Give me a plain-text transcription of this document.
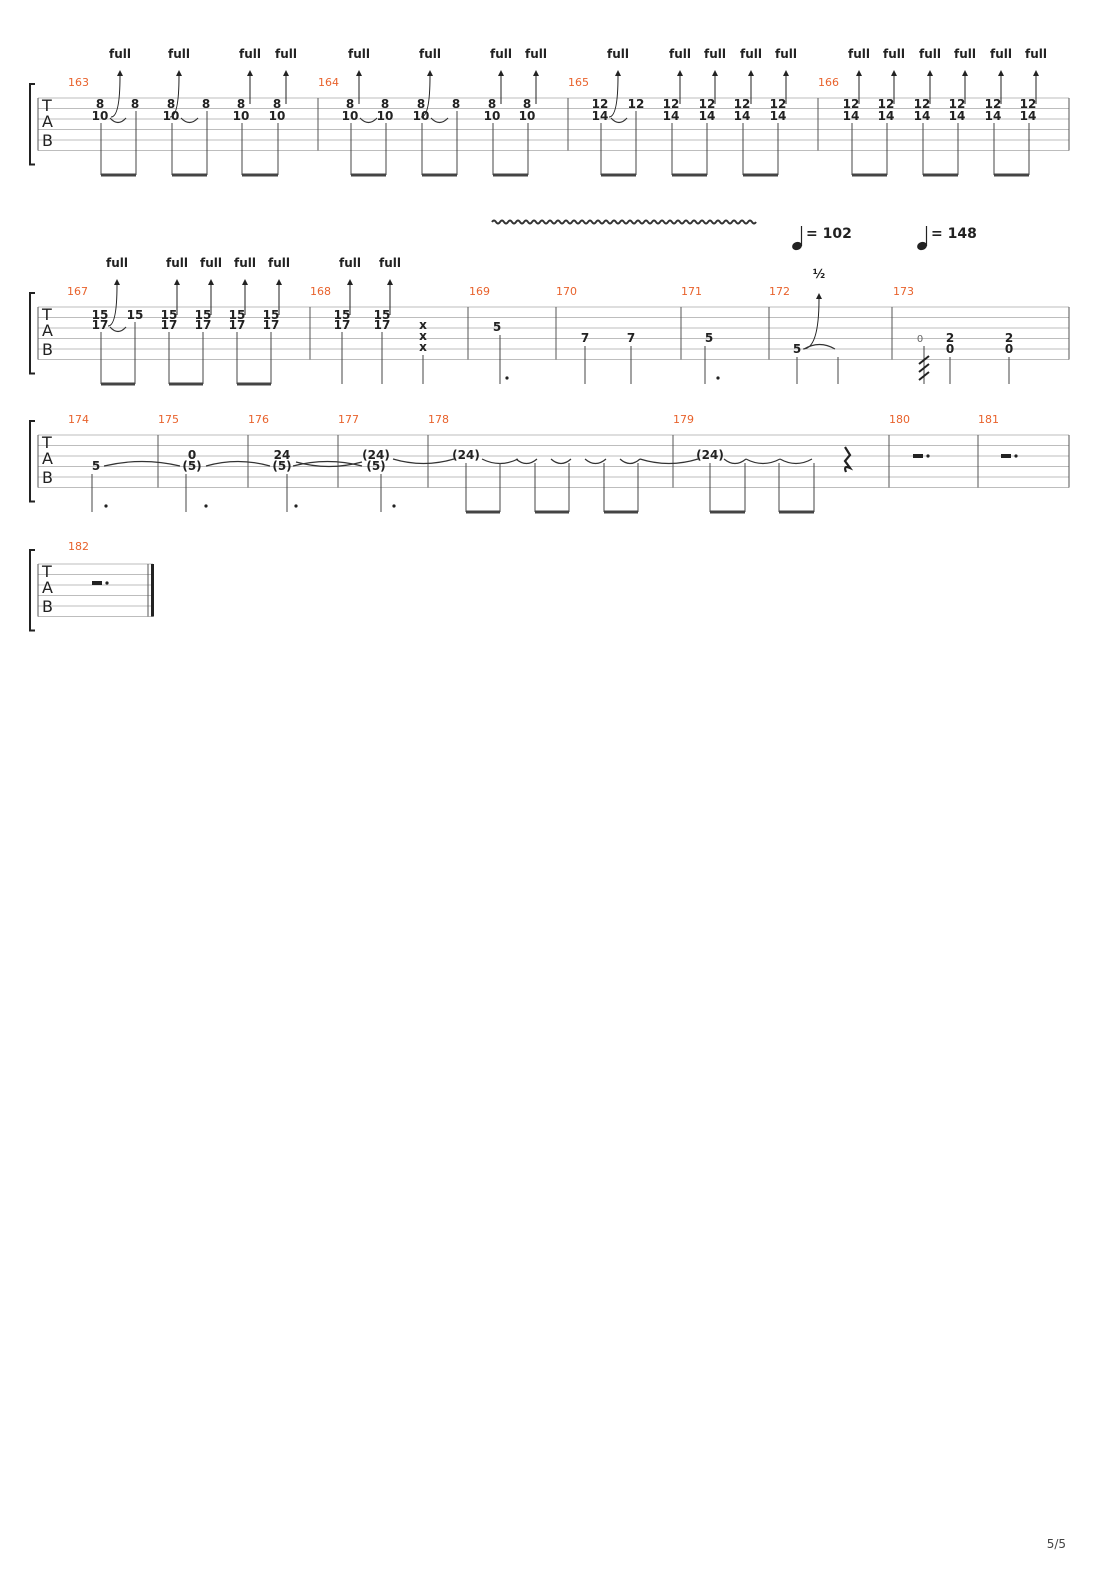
T
A
B
163	164	165	166
8
10
8
full
8
10
8
full
8
10
full
8
10
full
8
10
full
8
10
8
10
8
full
8
10
full
8
10
full
12
14
12
full
12
14
full
12
14
full
12
14
full
12
14
full
12
14
full
12
14
full
12
14
full
12
14
full
12
14
full
12
14
full
T
A
B
167	168	169	170	171	172	173
= 102	= 148
15
17
15
full
15
17
full
15
17
full
15
17
full
15
17
full
15
17
full
15
17
full
x
x
x
5
7	7	5
5
½
0 2
0
2
0
T
A
B
174	175	176	177	178	179	180	181
5
0
(5)
24
(5)
(24)
(5)
(24)	(24)
T
A
B
182
5/5
